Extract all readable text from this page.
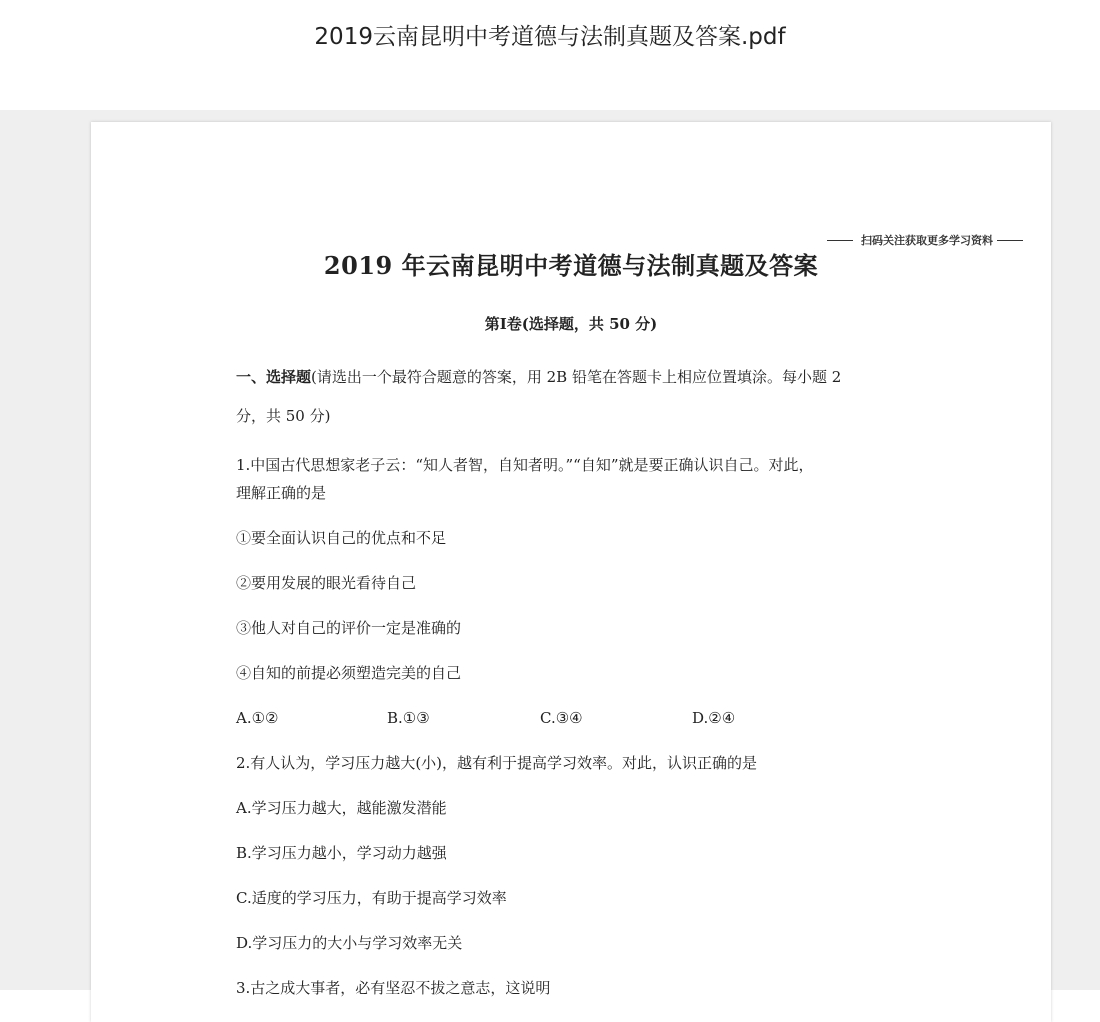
2019云南昆明中考道德与法制真题及答案.pdf
扫码关注获取更多学习资料
2019 年云南昆明中考道德与法制真题及答案
第Ⅰ卷(选择题，共 50 分)
一、选择题(请选出一个最符合题意的答案，用 2B 铅笔在答题卡上相应位置填涂。每小题 2
分，共 50 分)
1.中国古代思想家老子云：“知人者智，自知者明。”“自知”就是要正确认识自己。对此，
理解正确的是
①要全面认识自己的优点和不足
②要用发展的眼光看待自己
③他人对自己的评价一定是准确的
④自知的前提必须塑造完美的自己
A.①②	B.①③	C.③④	D.②④
2.有人认为，学习压力越大(小)，越有利于提高学习效率。对此，认识正确的是
A.学习压力越大，越能激发潜能
B.学习压力越小，学习动力越强
C.适度的学习压力，有助于提高学习效率
D.学习压力的大小与学习效率无关
3.古之成大事者，必有坚忍不拔之意志，这说明
